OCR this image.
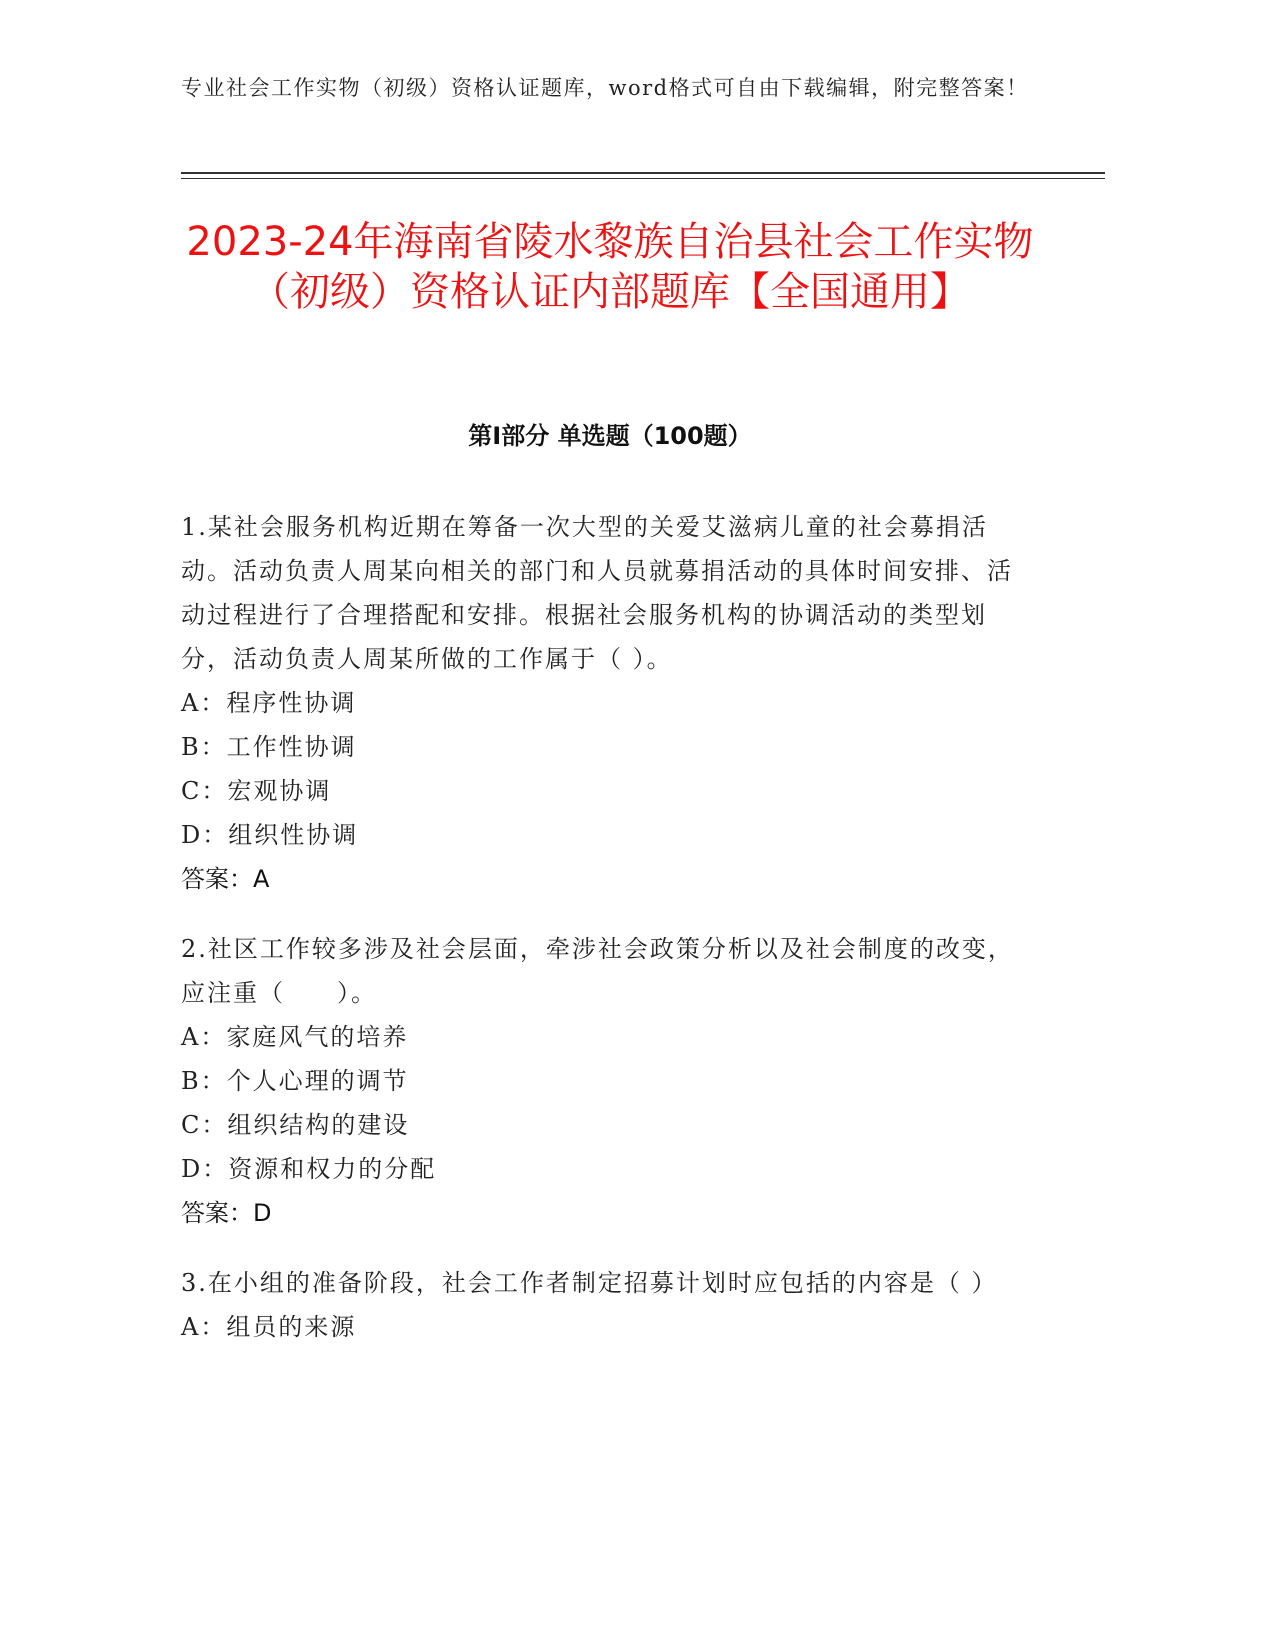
专业社会工作实物（初级）资格认证题库，word格式可自由下载编辑，附完整答案！
2023-24年海南省陵水黎族自治县社会工作实物（初级）资格认证内部题库【全国通用】
第I部分 单选题（100题）

1.某社会服务机构近期在筹备一次大型的关爱艾滋病儿童的社会募捐活动。活动负责人周某向相关的部门和人员就募捐活动的具体时间安排、活动过程进行了合理搭配和安排。根据社会服务机构的协调活动的类型划分，活动负责人周某所做的工作属于（ ）。

A：程序性协调

B：工作性协调

C：宏观协调

D：组织性协调

答案：A

2.社区工作较多涉及社会层面，牵涉社会政策分析以及社会制度的改变，应注重（　　）。

A：家庭风气的培养

B：个人心理的调节

C：组织结构的建设

D：资源和权力的分配

答案：D

3.在小组的准备阶段，社会工作者制定招募计划时应包括的内容是（ ）

A：组员的来源
